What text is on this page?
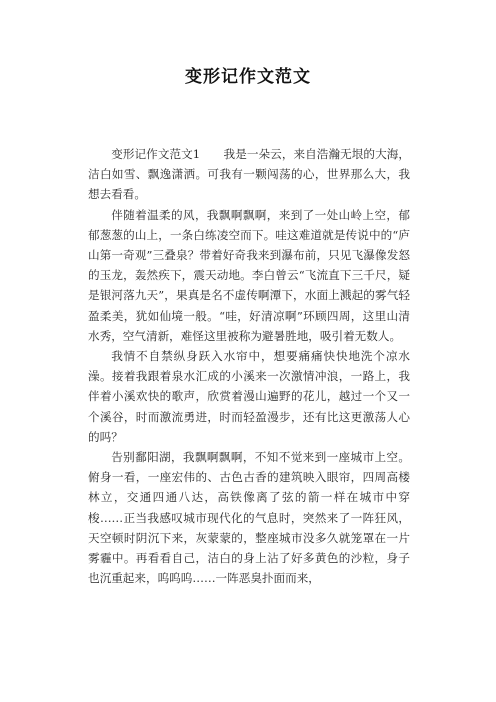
变形记作文范文

变形记作文范文1　　我是一朵云，来自浩瀚无垠的大海，洁白如雪、飘逸潇洒。可我有一颗闯荡的心，世界那么大，我想去看看。

伴随着温柔的风，我飘啊飘啊，来到了一处山岭上空，郁郁葱葱的山上，一条白练凌空而下。哇这难道就是传说中的“庐山第一奇观”三叠泉？带着好奇我来到瀑布前，只见飞瀑像发怒的玉龙，轰然疾下，震天动地。李白曾云“飞流直下三千尺，疑是银河落九天”，果真是名不虚传啊潭下，水面上溅起的雾气轻盈柔美，犹如仙境一般。“哇，好清凉啊”环顾四周，这里山清水秀，空气清新，难怪这里被称为避暑胜地，吸引着无数人。

我情不自禁纵身跃入水帘中，想要痛痛快快地洗个凉水澡。接着我跟着泉水汇成的小溪来一次激情冲浪，一路上，我伴着小溪欢快的歌声，欣赏着漫山遍野的花儿，越过一个又一个溪谷，时而激流勇进，时而轻盈漫步，还有比这更激荡人心的吗？

告别鄱阳湖，我飘啊飘啊，不知不觉来到一座城市上空。俯身一看，一座宏伟的、古色古香的建筑映入眼帘，四周高楼林立，交通四通八达，高铁像离了弦的箭一样在城市中穿梭……正当我感叹城市现代化的气息时，突然来了一阵狂风，天空顿时阴沉下来，灰蒙蒙的，整座城市没多久就笼罩在一片雾霾中。再看看自己，洁白的身上沾了好多黄色的沙粒，身子也沉重起来，呜呜呜……一阵恶臭扑面而来，
